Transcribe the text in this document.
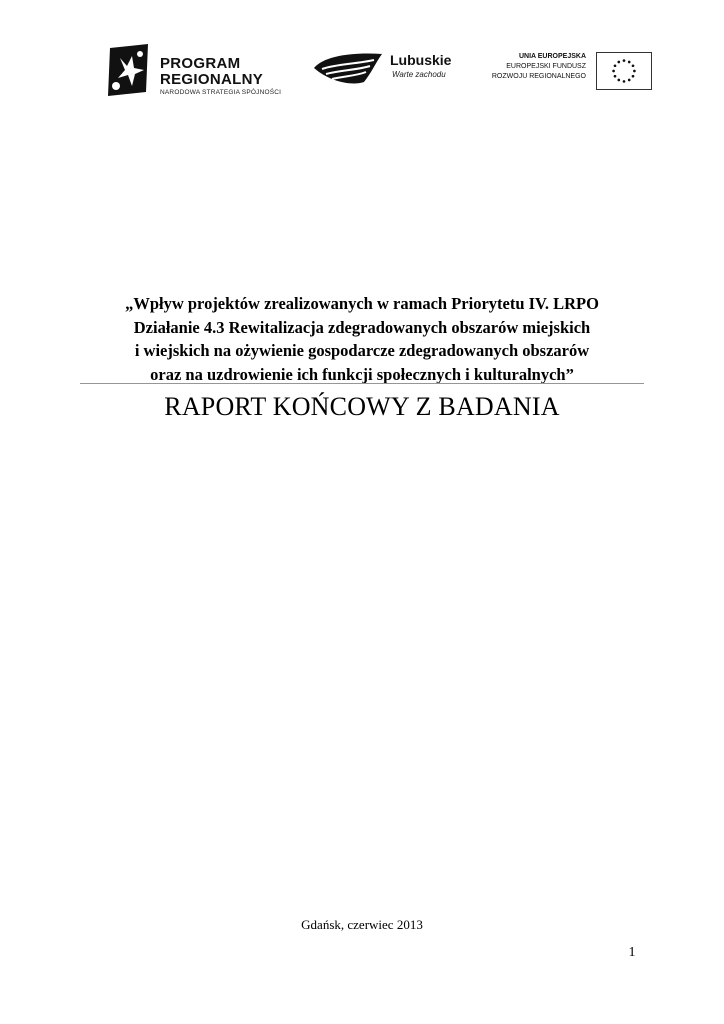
PROGRAM
REGIONALNY
NARODOWA STRATEGIA SPÓJNOŚCI
Lubuskie
Warte zachodu
UNIA EUROPEJSKA
EUROPEJSKI FUNDUSZ
ROZWOJU REGIONALNEGO
„Wpływ projektów zrealizowanych w ramach Priorytetu IV. LRPO
Działanie 4.3 Rewitalizacja zdegradowanych obszarów miejskich
i wiejskich na ożywienie gospodarcze zdegradowanych obszarów
oraz na uzdrowienie ich funkcji społecznych i kulturalnych”
RAPORT KOŃCOWY Z BADANIA
Gdańsk, czerwiec 2013
1
